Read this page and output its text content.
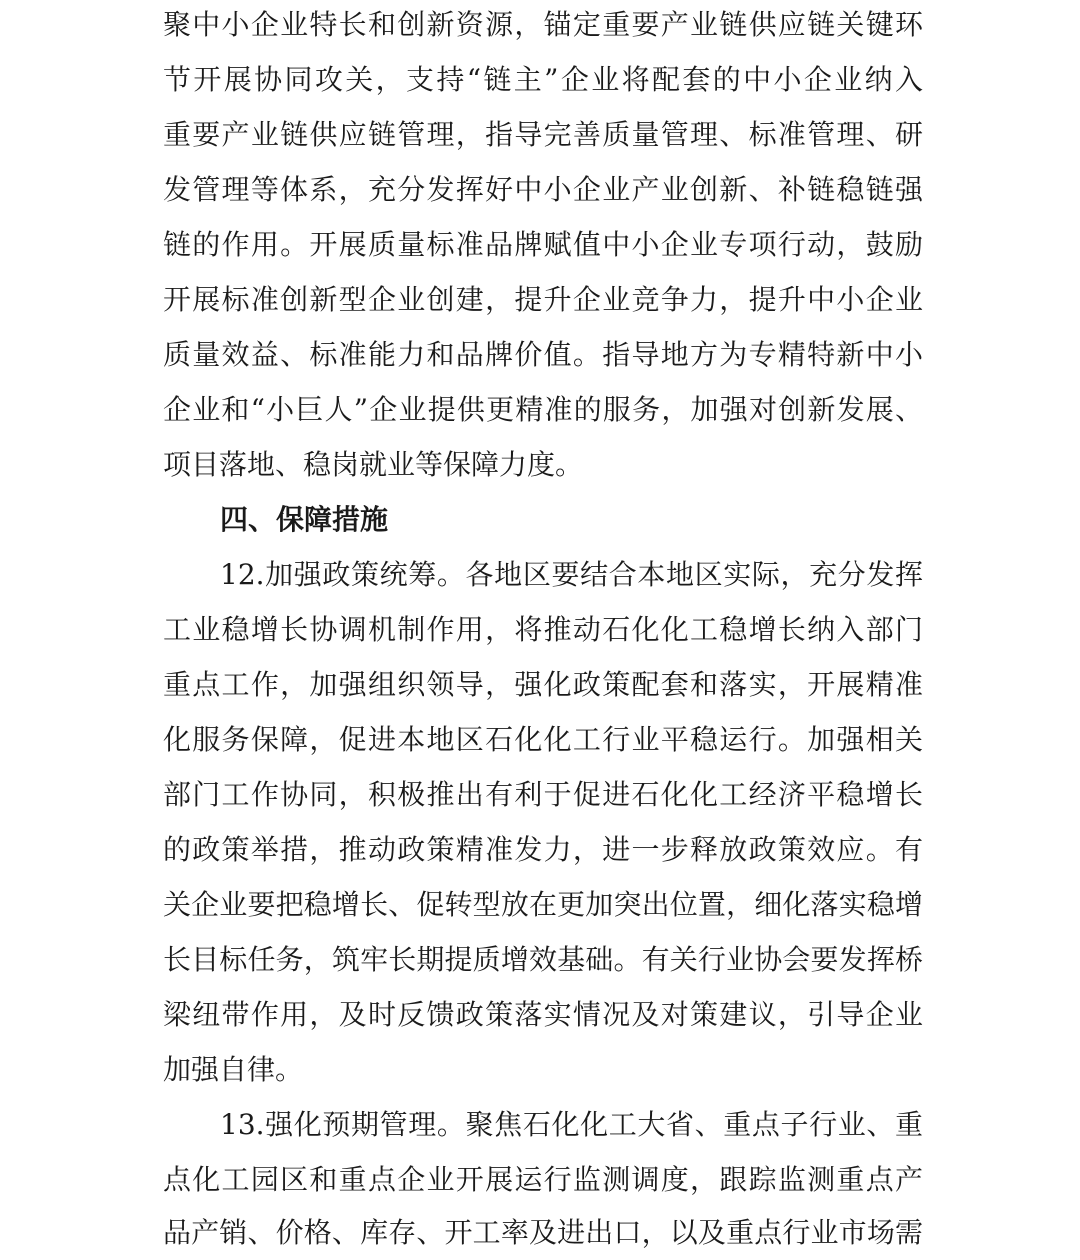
聚中小企业特长和创新资源，锚定重要产业链供应链关键环
节开展协同攻关，支持“链主”企业将配套的中小企业纳入
重要产业链供应链管理，指导完善质量管理、标准管理、研
发管理等体系，充分发挥好中小企业产业创新、补链稳链强
链的作用。开展质量标准品牌赋值中小企业专项行动，鼓励
开展标准创新型企业创建，提升企业竞争力，提升中小企业
质量效益、标准能力和品牌价值。指导地方为专精特新中小
企业和“小巨人”企业提供更精准的服务，加强对创新发展、
项目落地、稳岗就业等保障力度。
四、保障措施
12.加强政策统筹。各地区要结合本地区实际，充分发挥
工业稳增长协调机制作用，将推动石化化工稳增长纳入部门
重点工作，加强组织领导，强化政策配套和落实，开展精准
化服务保障，促进本地区石化化工行业平稳运行。加强相关
部门工作协同，积极推出有利于促进石化化工经济平稳增长
的政策举措，推动政策精准发力，进一步释放政策效应。有
关企业要把稳增长、促转型放在更加突出位置，细化落实稳增
长目标任务，筑牢长期提质增效基础。有关行业协会要发挥桥
梁纽带作用，及时反馈政策落实情况及对策建议，引导企业
加强自律。
13.强化预期管理。聚焦石化化工大省、重点子行业、重
点化工园区和重点企业开展运行监测调度，跟踪监测重点产
品产销、价格、库存、开工率及进出口，以及重点行业市场需
